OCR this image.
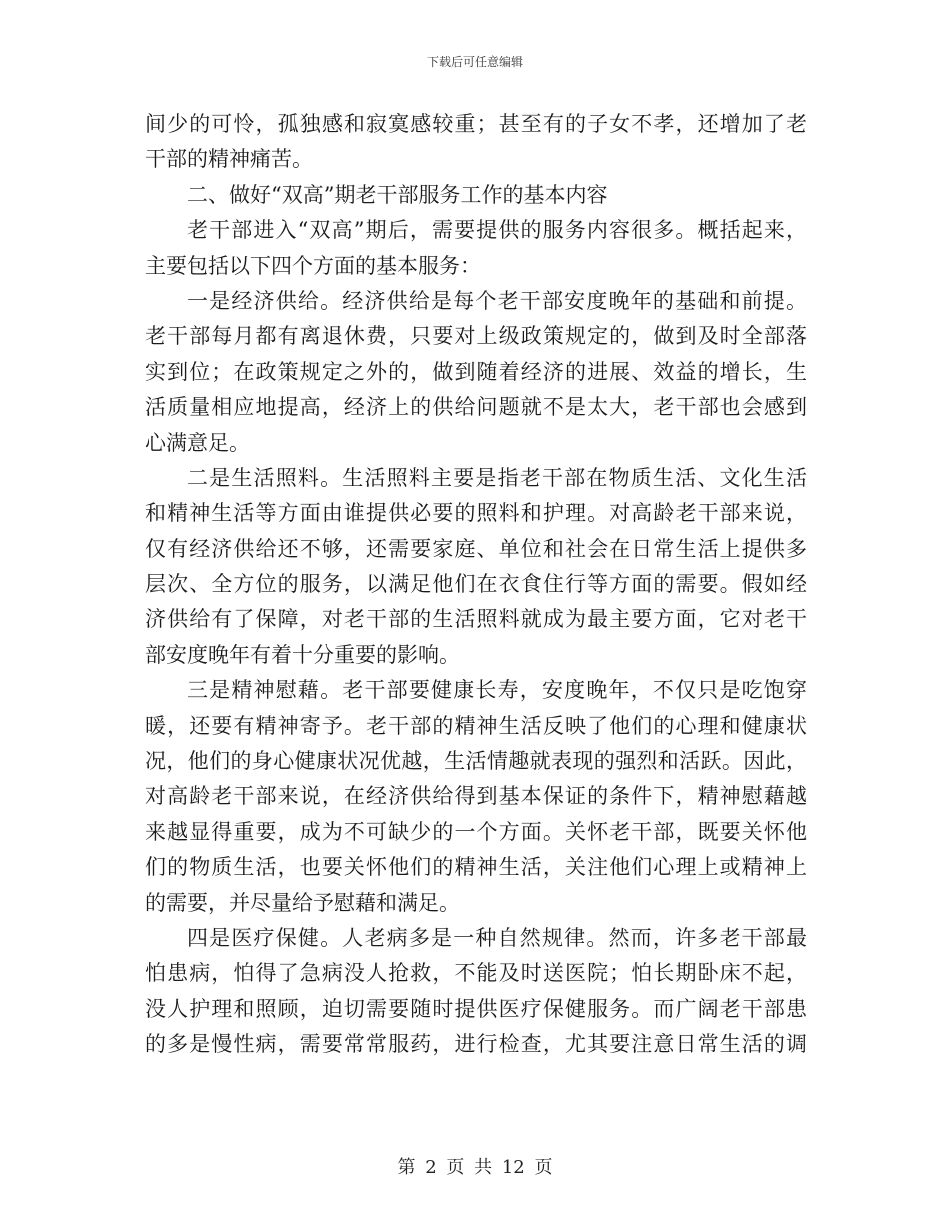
下载后可任意编辑
间少的可怜，孤独感和寂寞感较重；甚至有的子女不孝，还增加了老
干部的精神痛苦。
二、做好“双高”期老干部服务工作的基本内容
老干部进入“双高”期后，需要提供的服务内容很多。概括起来，
主要包括以下四个方面的基本服务：
一是经济供给。经济供给是每个老干部安度晚年的基础和前提。
老干部每月都有离退休费，只要对上级政策规定的，做到及时全部落
实到位；在政策规定之外的，做到随着经济的进展、效益的增长，生
活质量相应地提高，经济上的供给问题就不是太大，老干部也会感到
心满意足。
二是生活照料。生活照料主要是指老干部在物质生活、文化生活
和精神生活等方面由谁提供必要的照料和护理。对高龄老干部来说，
仅有经济供给还不够，还需要家庭、单位和社会在日常生活上提供多
层次、全方位的服务，以满足他们在衣食住行等方面的需要。假如经
济供给有了保障，对老干部的生活照料就成为最主要方面，它对老干
部安度晚年有着十分重要的影响。
三是精神慰藉。老干部要健康长寿，安度晚年，不仅只是吃饱穿
暖，还要有精神寄予。老干部的精神生活反映了他们的心理和健康状
况，他们的身心健康状况优越，生活情趣就表现的强烈和活跃。因此，
对高龄老干部来说，在经济供给得到基本保证的条件下，精神慰藉越
来越显得重要，成为不可缺少的一个方面。关怀老干部，既要关怀他
们的物质生活，也要关怀他们的精神生活，关注他们心理上或精神上
的需要，并尽量给予慰藉和满足。
四是医疗保健。人老病多是一种自然规律。然而，许多老干部最
怕患病，怕得了急病没人抢救，不能及时送医院；怕长期卧床不起，
没人护理和照顾，迫切需要随时提供医疗保健服务。而广阔老干部患
的多是慢性病，需要常常服药，进行检查，尤其要注意日常生活的调
第 2 页 共 12 页
